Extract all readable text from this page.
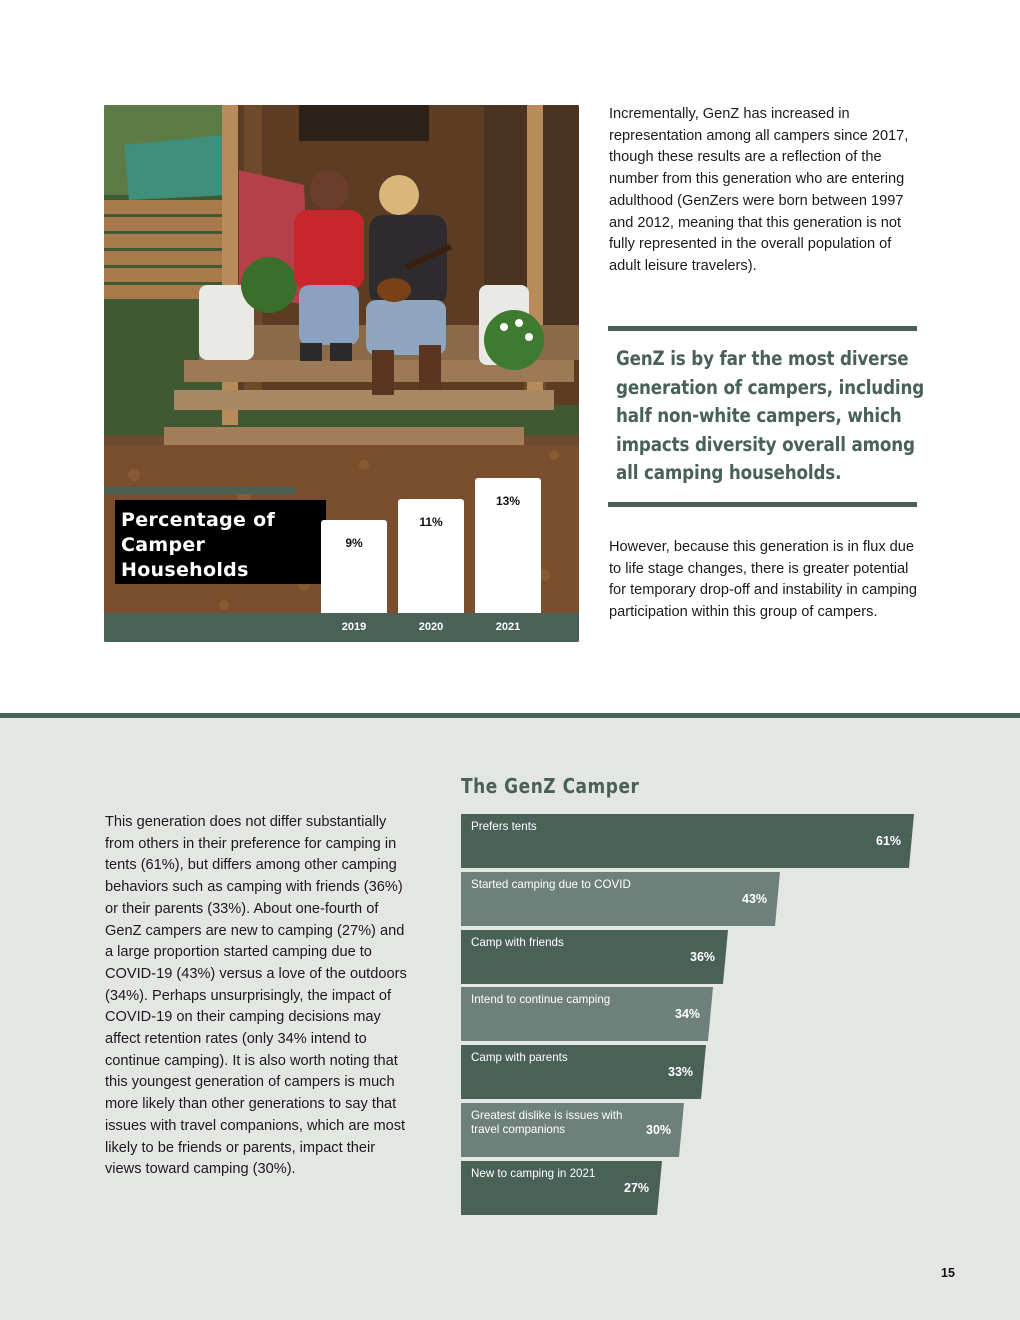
Percentage of
Camper Households
9%
11%
13%
2019	2020	2021
Incrementally, GenZ has increased in representation among all campers since 2017, though these results are a reflection of the number from this generation who are entering adulthood (GenZers were born between 1997 and 2012, meaning that this generation is not fully represented in the overall population of adult leisure travelers).
GenZ is by far the most diverse
generation of campers, including
half non-white campers, which
impacts diversity overall among
all camping households.
However, because this generation is in flux due to life stage changes, there is greater potential for temporary drop-off and instability in camping participation within this group of campers.
This generation does not differ substantially from others in their preference for camping in tents (61%), but differs among other camping behaviors such as camping with friends (36%) or their parents (33%). About one-fourth of GenZ campers are new to camping (27%) and a large proportion started camping due to COVID-19 (43%) versus a love of the outdoors (34%). Perhaps unsurprisingly, the impact of COVID-19 on their camping decisions may affect retention rates (only 34% intend to continue camping). It is also worth noting that this youngest generation of campers is much more likely than other generations to say that issues with travel companions, which are most likely to be friends or parents, impact their views toward camping (30%).
The GenZ Camper
Prefers tents
61%
Started camping due to COVID
43%
Camp with friends
36%
Intend to continue camping
34%
Camp with parents
33%
Greatest dislike is issues with travel companions	30%
New to camping in 2021
27%
15
